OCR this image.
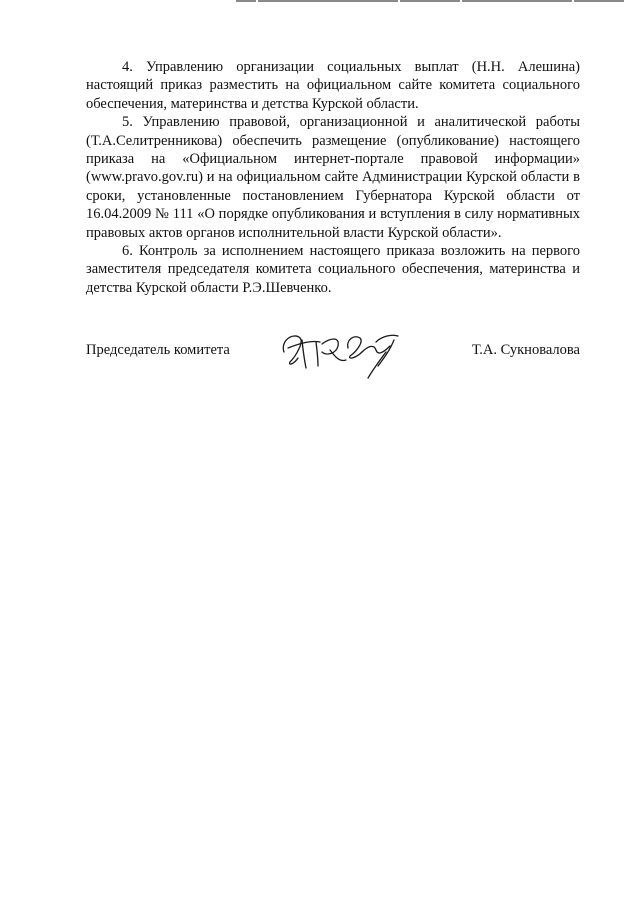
4. Управлению организации социальных выплат (Н.Н. Алешина) настоящий приказ разместить на официальном сайте комитета социального обеспечения, материнства и детства Курской области.

5. Управлению правовой, организационной и аналитической работы (Т.А.Селитренникова) обеспечить размещение (опубликование) настоящего приказа на «Официальном интернет-портале правовой информации» (www.pravo.gov.ru) и на официальном сайте Администрации Курской области в сроки, установленные постановлением Губернатора Курской области от 16.04.2009 № 111 «О порядке опубликования и вступления в силу нормативных правовых актов органов исполнительной власти Курской области».

6. Контроль за исполнением настоящего приказа возложить на первого заместителя председателя комитета социального обеспечения, материнства и детства Курской области Р.Э.Шевченко.

Председатель комитета	Т.А. Сукновалова
